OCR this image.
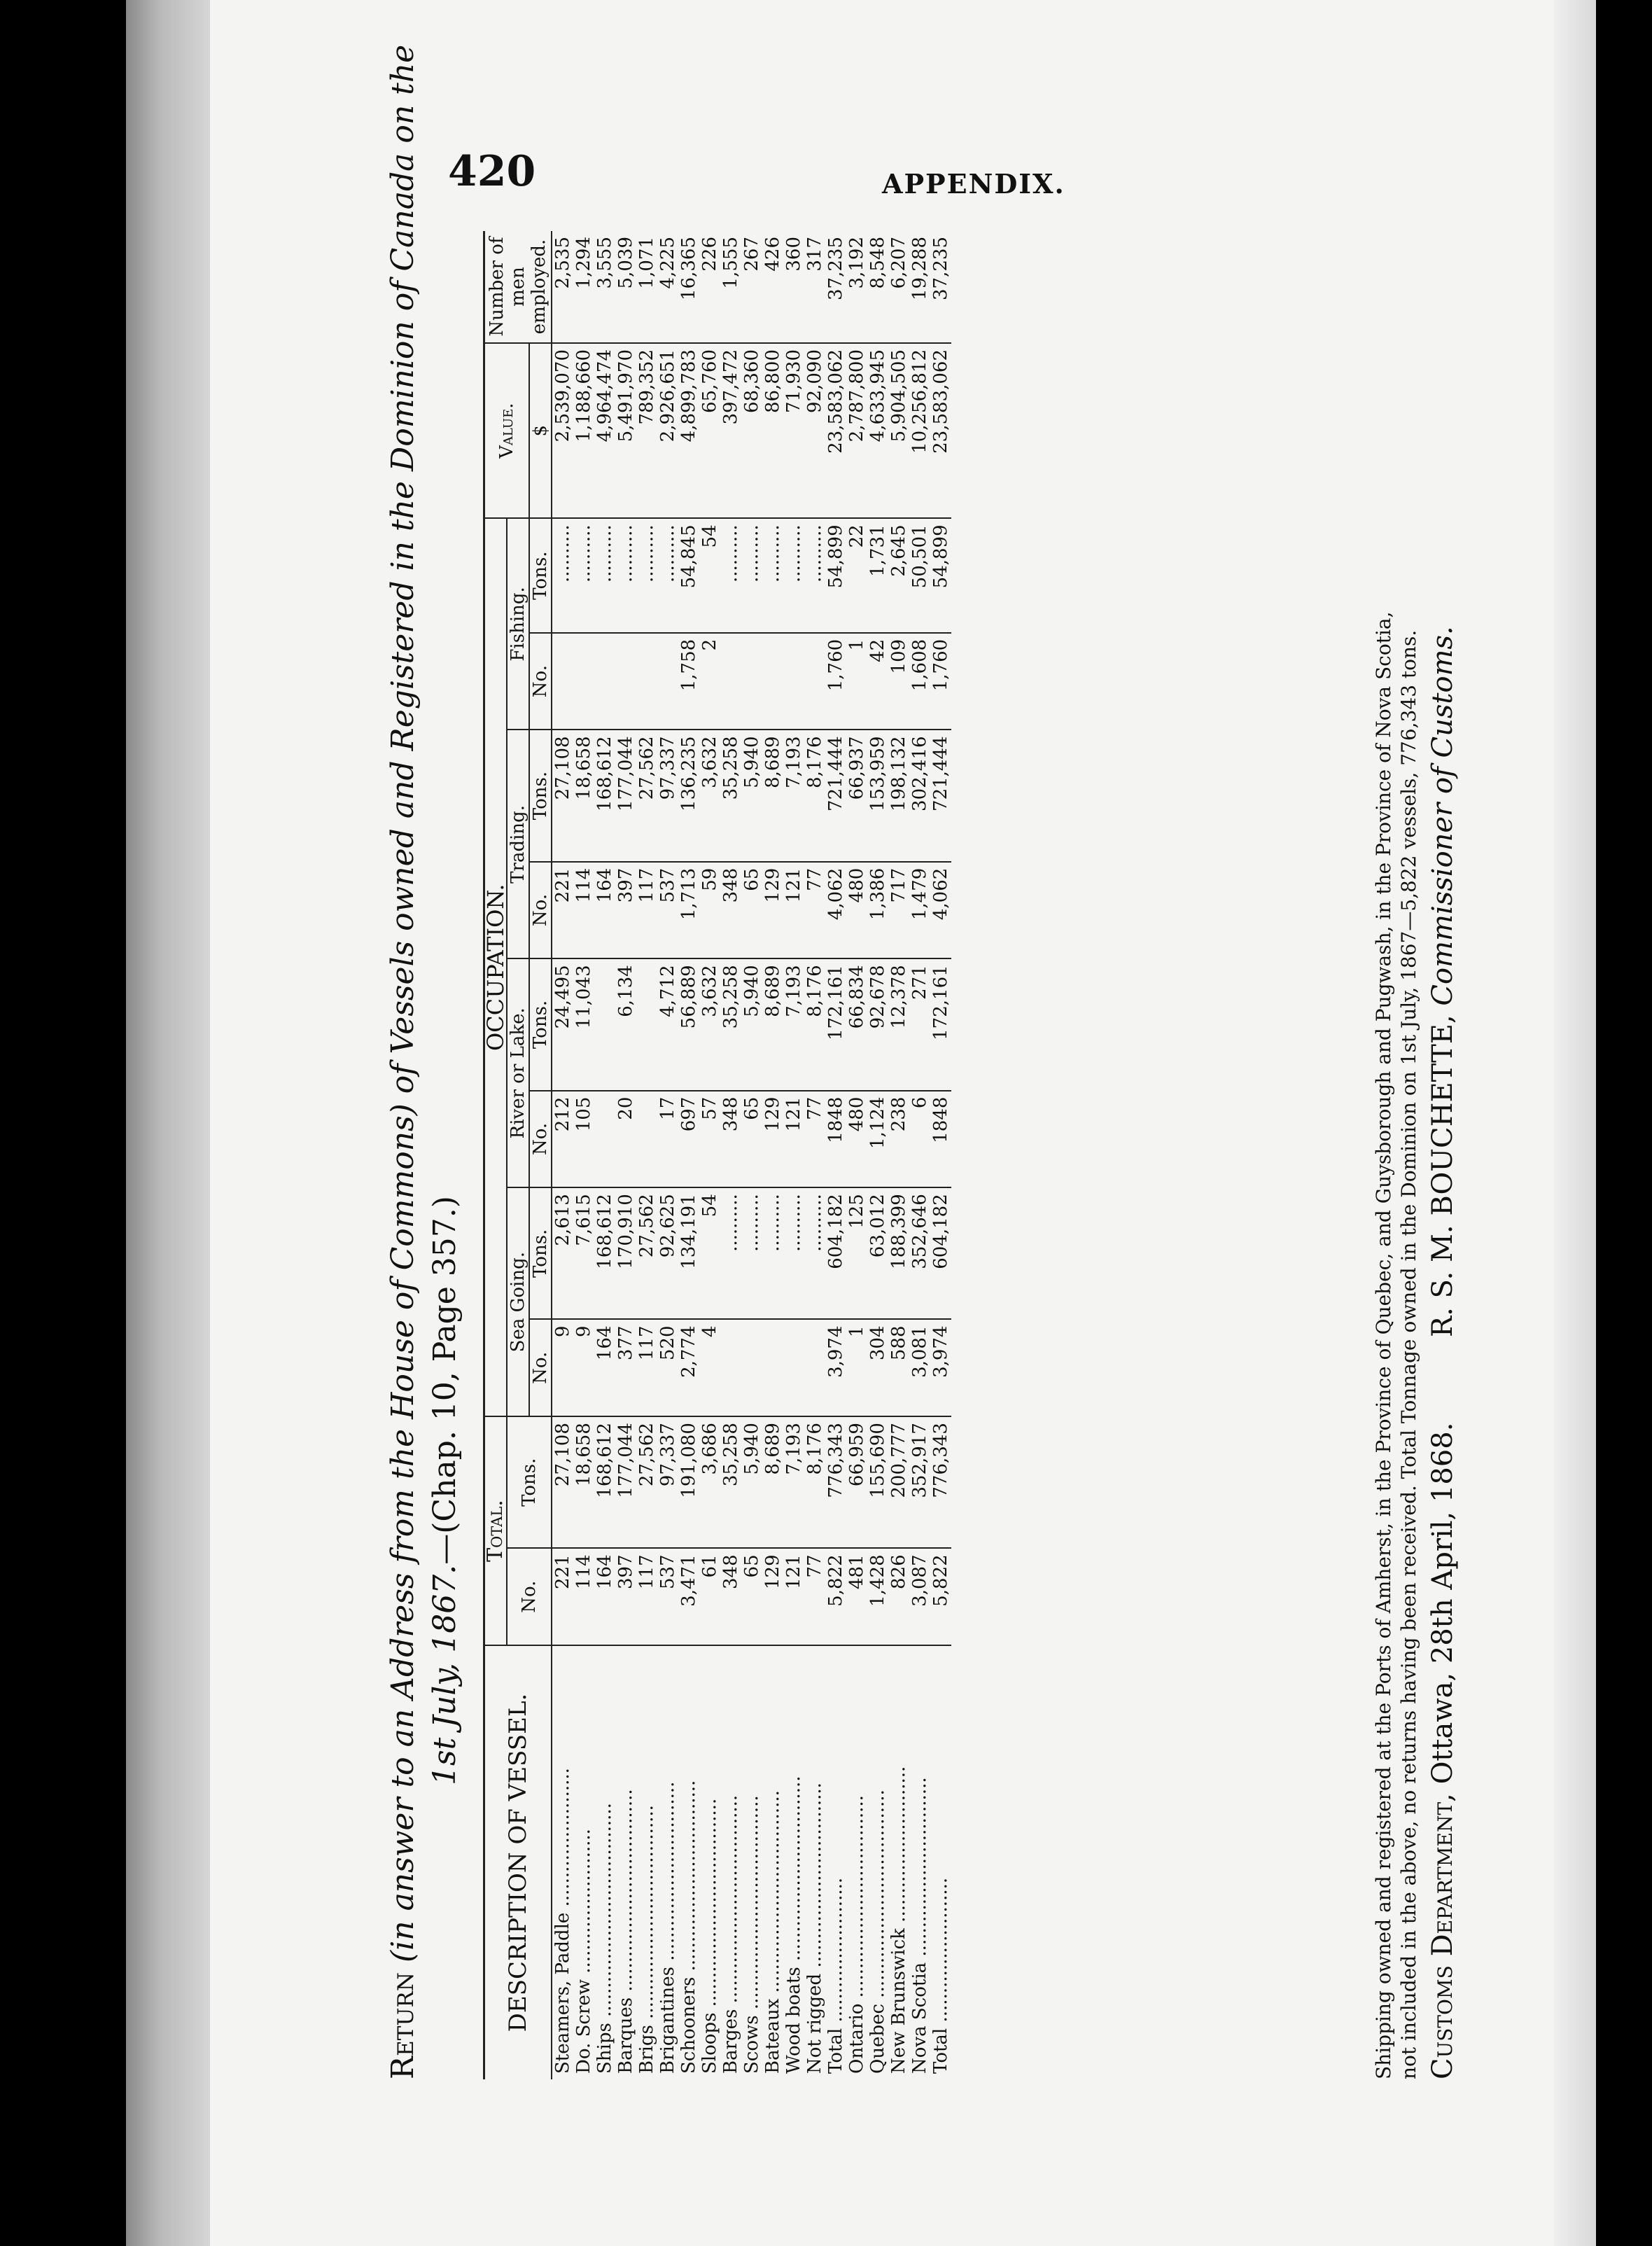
420	APPENDIX.
Return (in answer to an Address from the House of Commons) of Vessels owned and Registered in the Dominion of Canada on the 1st July, 1867.—(Chap. 10, Page 357.)
DESCRIPTION OF VESSEL.	Total.		OCCUPATION.								Value.	Number of men employed.
	No.	Tons.	Sea Going.		River or Lake.		Trading.		Fishing.			
			No.	Tons.	No.	Tons.	No.	Tons.	No.	Tons.	$	
Steamers, Paddle ........................	221	27,108	9	2,613	212	24,495	221	27,108		..........	2,539,070	2,535
Do. Screw .........................	114	18,658	9	7,615	105	11,043	114	18,658		..........	1,188,660	1,294
Ships .....................................	164	168,612	164	168,612			164	168,612		..........	4,964,474	3,555
Barques ...................................	397	177,044	377	170,910	20	6,134	397	177,044		..........	5,491,970	5,039
Brigs .....................................	117	27,562	117	27,562			117	27,562		..........	789,352	1,071
Brigantines ...............................	537	97,337	520	92,625	17	4,712	537	97,337		..........	2,926,651	4,225
Schooners .................................	3,471	191,080	2,774	134,191	697	56,889	1,713	136,235	1,758	54,845	4,899,783	16,365
Sloops ....................................	61	3,686	4	54	57	3,632	59	3,632	2	54	65,760	226
Barges ....................................	348	35,258		..........	348	35,258	348	35,258		..........	397,472	1,555
Scows .....................................	65	5,940		..........	65	5,940	65	5,940		..........	68,360	267
Bateaux ...................................	129	8,689		..........	129	8,689	129	8,689		..........	86,800	426
Wood boats ................................	121	7,193		..........	121	7,193	121	7,193		..........	71,930	360
Not rigged ................................	77	8,176		..........	77	8,176	77	8,176		..........	92,090	317
Total .........................	5,822	776,343	3,974	604,182	1848	172,161	4,062	721,444	1,760	54,899	23,583,062	37,235
Ontario ...................................	481	66,959	1	125	480	66,834	480	66,937	1	22	2,787,800	3,192
Quebec ....................................	1,428	155,690	304	63,012	1,124	92,678	1,386	153,959	42	1,731	4,633,945	8,548
New Brunswick ...........................	826	200,777	588	188,399	238	12,378	717	198,132	109	2,645	5,904,505	6,207
Nova Scotia ...............................	3,087	352,917	3,081	352,646	6	271	1,479	302,416	1,608	50,501	10,256,812	19,288
Total .........................	5,822	776,343	3,974	604,182	1848	172,161	4,062	721,444	1,760	54,899	23,583,062	37,235
Shipping owned and registered at the Ports of Amherst, in the Province of Quebec, and Guysborough and Pugwash, in the Province of Nova Scotia, not included in the above, no returns having been received. Total Tonnage owned in the Dominion on 1st July, 1867—5,822 vessels, 776,343 tons. Customs Department, Ottawa, 28th April, 1868.
R. S. M. BOUCHETTE, Commissioner of Customs.
